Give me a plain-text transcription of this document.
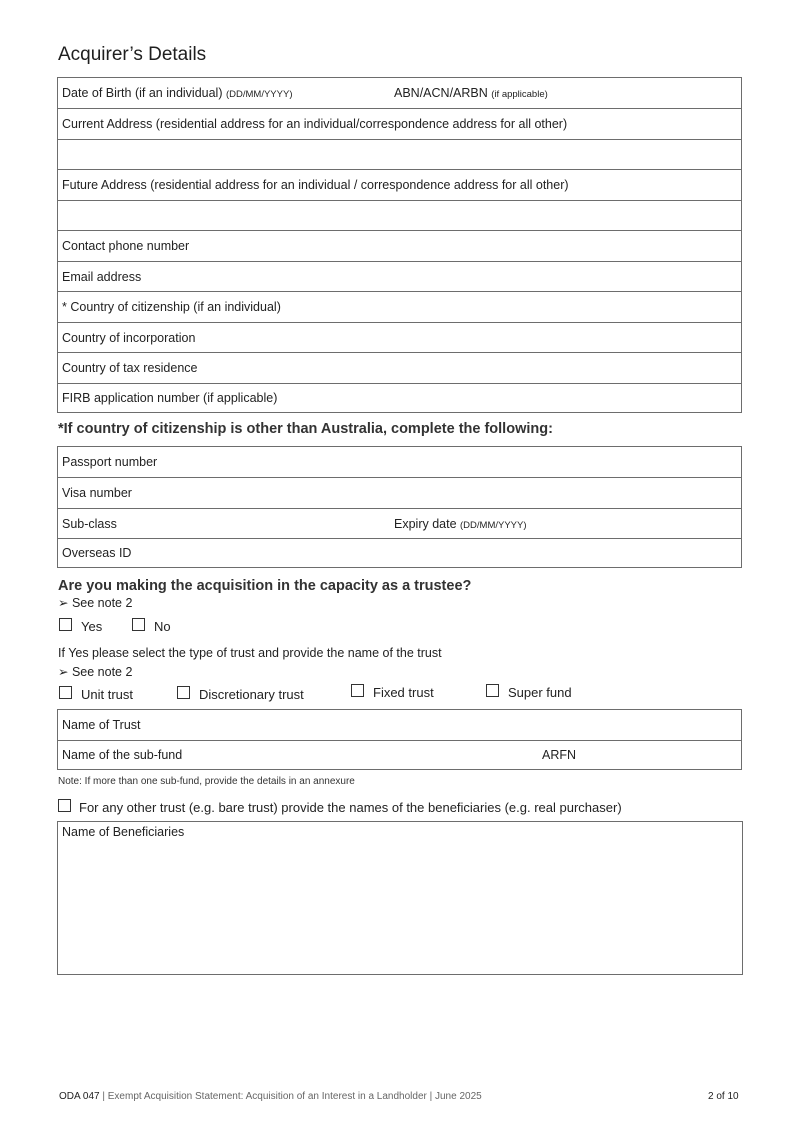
Acquirer’s Details
Date of Birth (if an individual) (DD/MM/YYYY)	ABN/ACN/ARBN (if applicable)
Current Address (residential address for an individual/correspondence address for all other)
Future Address (residential address for an individual / correspondence address for all other)
Contact phone number
Email address
* Country of citizenship (if an individual)
Country of incorporation
Country of tax residence
FIRB application number (if applicable)
*If country of citizenship is other than Australia, complete the following:
Passport number
Visa number
Sub-class	Expiry date (DD/MM/YYYY)
Overseas ID
Are you making the acquisition in the capacity as a trustee?
➢ See note 2
Yes	No
If Yes please select the type of trust and provide the name of the trust
➢ See note 2
Unit trust	Discretionary trust	Fixed trust	Super fund
Name of Trust
Name of the sub-fund	ARFN
Note: If more than one sub-fund, provide the details in an annexure
For any other trust (e.g. bare trust) provide the names of the beneficiaries (e.g. real purchaser)
Name of Beneficiaries
ODA 047 | Exempt Acquisition Statement: Acquisition of an Interest in a Landholder | June 2025	2 of 10
